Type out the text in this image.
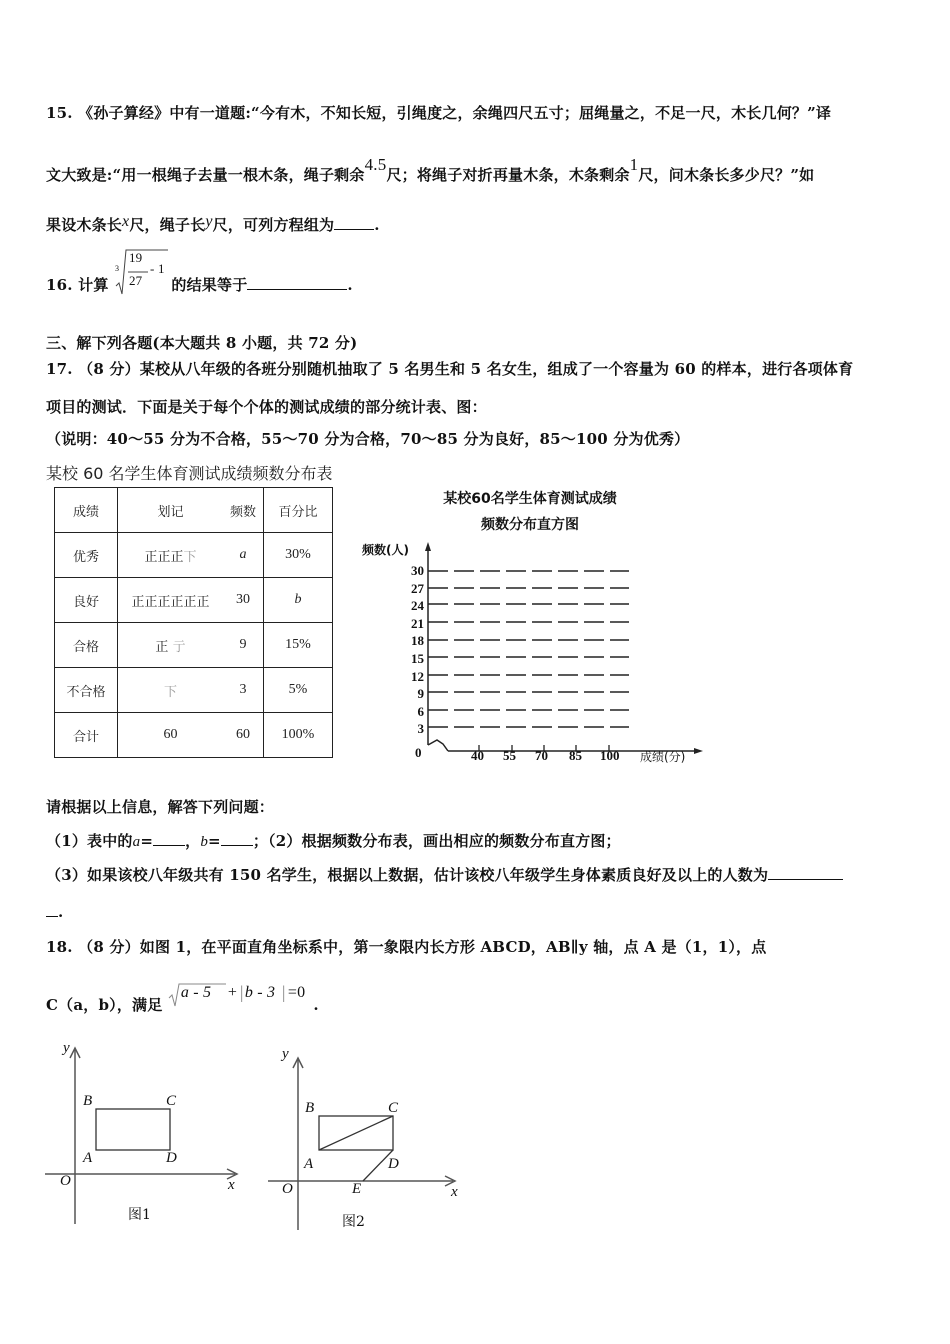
15. 《孙子算经》中有一道题:“今有木，不知长短，引绳度之，余绳四尺五寸；屈绳量之，不足一尺，木长几何？”译
文大致是:“用一根绳子去量一根木条，绳子剩余4.5尺；将绳子对折再量木条，木条剩余1尺，问木条长多少尺？”如
果设木条长x尺，绳子长y尺，可列方程组为	.
16. 计算
3
19
27
- 1
的结果等于	.
三、解下列各题(本大题共 8 小题，共 72 分)
17. （8 分）某校从八年级的各班分别随机抽取了 5 名男生和 5 名女生，组成了一个容量为 60 的样本，进行各项体育
项目的测试．下面是关于每个个体的测试成绩的部分统计表、图：
（说明：40～55 分为不合格，55～70 分为合格，70～85 分为良好，85～100 分为优秀）
某校 60 名学生体育测试成绩频数分布表
成绩	划记	频数	百分比
优秀	正正正下	a	30%
良好	正正正正正正	30	b
合格	正 亍	9	15%
不合格	下	3	5%
合计	60	60	100%
某校60名学生体育测试成绩
频数分布直方图
频数(人)
30
27
24
21
18
15
12
9
6
3
0	40 55 70 85 100 成绩(分)
请根据以上信息，解答下列问题：
（1）表中的a= ，b= ；（2）根据频数分布表，画出相应的频数分布直方图；
（3）如果该校八年级共有 150 名学生，根据以上数据，估计该校八年级学生身体素质良好及以上的人数为
.
18. （8 分）如图 1，在平面直角坐标系中，第一象限内长方形 ABCD，AB∥y 轴，点 A 是（1，1），点
C（a，b），满足
a - 5 + | b - 3 | =0
.
y
B	C
A	D
O	x
图1
y
B	C
A	D
O	E	x
图2
